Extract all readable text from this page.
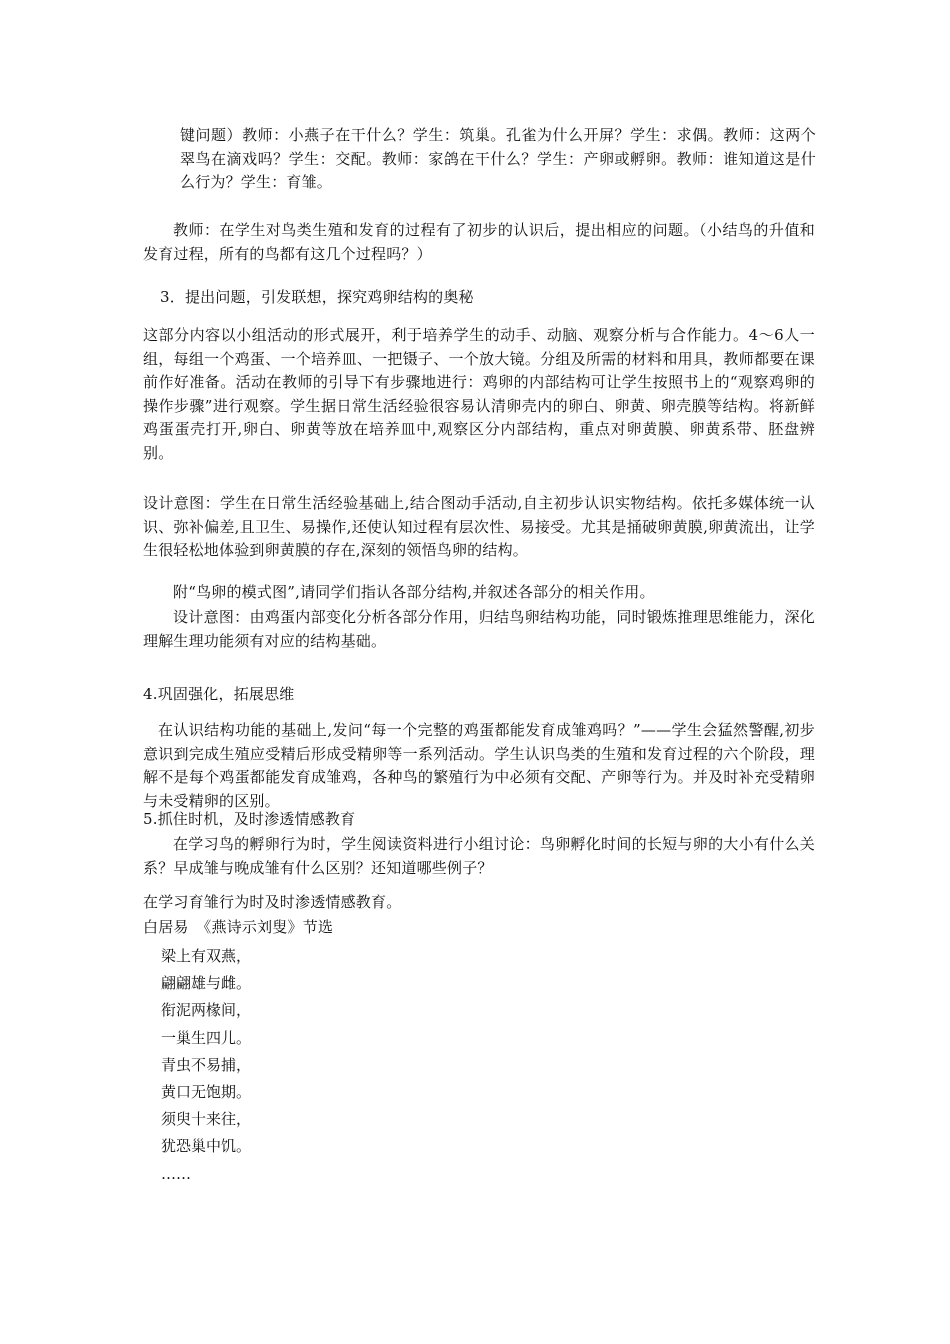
键问题）教师：小燕子在干什么？学生：筑巢。孔雀为什么开屏？学生：求偶。教师：这两个翠鸟在滴戏吗？学生：交配。教师：家鸽在干什么？学生：产卵或孵卵。教师：谁知道这是什么行为？学生：育雏。

教师：在学生对鸟类生殖和发育的过程有了初步的认识后，提出相应的问题。（小结鸟的升值和发育过程，所有的鸟都有这几个过程吗？）

3．提出问题，引发联想，探究鸡卵结构的奥秘

这部分内容以小组活动的形式展开，利于培养学生的动手、动脑、观察分析与合作能力。4～6人一组，每组一个鸡蛋、一个培养皿、一把镊子、一个放大镜。分组及所需的材料和用具，教师都要在课前作好准备。活动在教师的引导下有步骤地进行：鸡卵的内部结构可让学生按照书上的“观察鸡卵的操作步骤”进行观察。学生据日常生活经验很容易认清卵壳内的卵白、卵黄、卵壳膜等结构。将新鲜鸡蛋蛋壳打开,卵白、卵黄等放在培养皿中,观察区分内部结构，重点对卵黄膜、卵黄系带、胚盘辨别。

设计意图：学生在日常生活经验基础上,结合图动手活动,自主初步认识实物结构。依托多媒体统一认识、弥补偏差,且卫生、易操作,还使认知过程有层次性、易接受。尤其是捅破卵黄膜,卵黄流出，让学生很轻松地体验到卵黄膜的存在,深刻的领悟鸟卵的结构。

附“鸟卵的模式图”,请同学们指认各部分结构,并叙述各部分的相关作用。

设计意图：由鸡蛋内部变化分析各部分作用，归结鸟卵结构功能，同时锻炼推理思维能力，深化理解生理功能须有对应的结构基础。

4.巩固强化，拓展思维

在认识结构功能的基础上,发问“每一个完整的鸡蛋都能发育成雏鸡吗？”——学生会猛然警醒,初步意识到完成生殖应受精后形成受精卵等一系列活动。学生认识鸟类的生殖和发育过程的六个阶段，理解不是每个鸡蛋都能发育成雏鸡，各种鸟的繁殖行为中必须有交配、产卵等行为。并及时补充受精卵与未受精卵的区别。

5.抓住时机，及时渗透情感教育

在学习鸟的孵卵行为时，学生阅读资料进行小组讨论：鸟卵孵化时间的长短与卵的大小有什么关系？早成雏与晚成雏有什么区别？还知道哪些例子？

在学习育雏行为时及时渗透情感教育。

白居易　《燕诗示刘叟》节选

梁上有双燕，
翩翩雄与雌。
衔泥两椽间，
一巢生四儿。
青虫不易捕，
黄口无饱期。
须臾十来往，
犹恐巢中饥。
……
